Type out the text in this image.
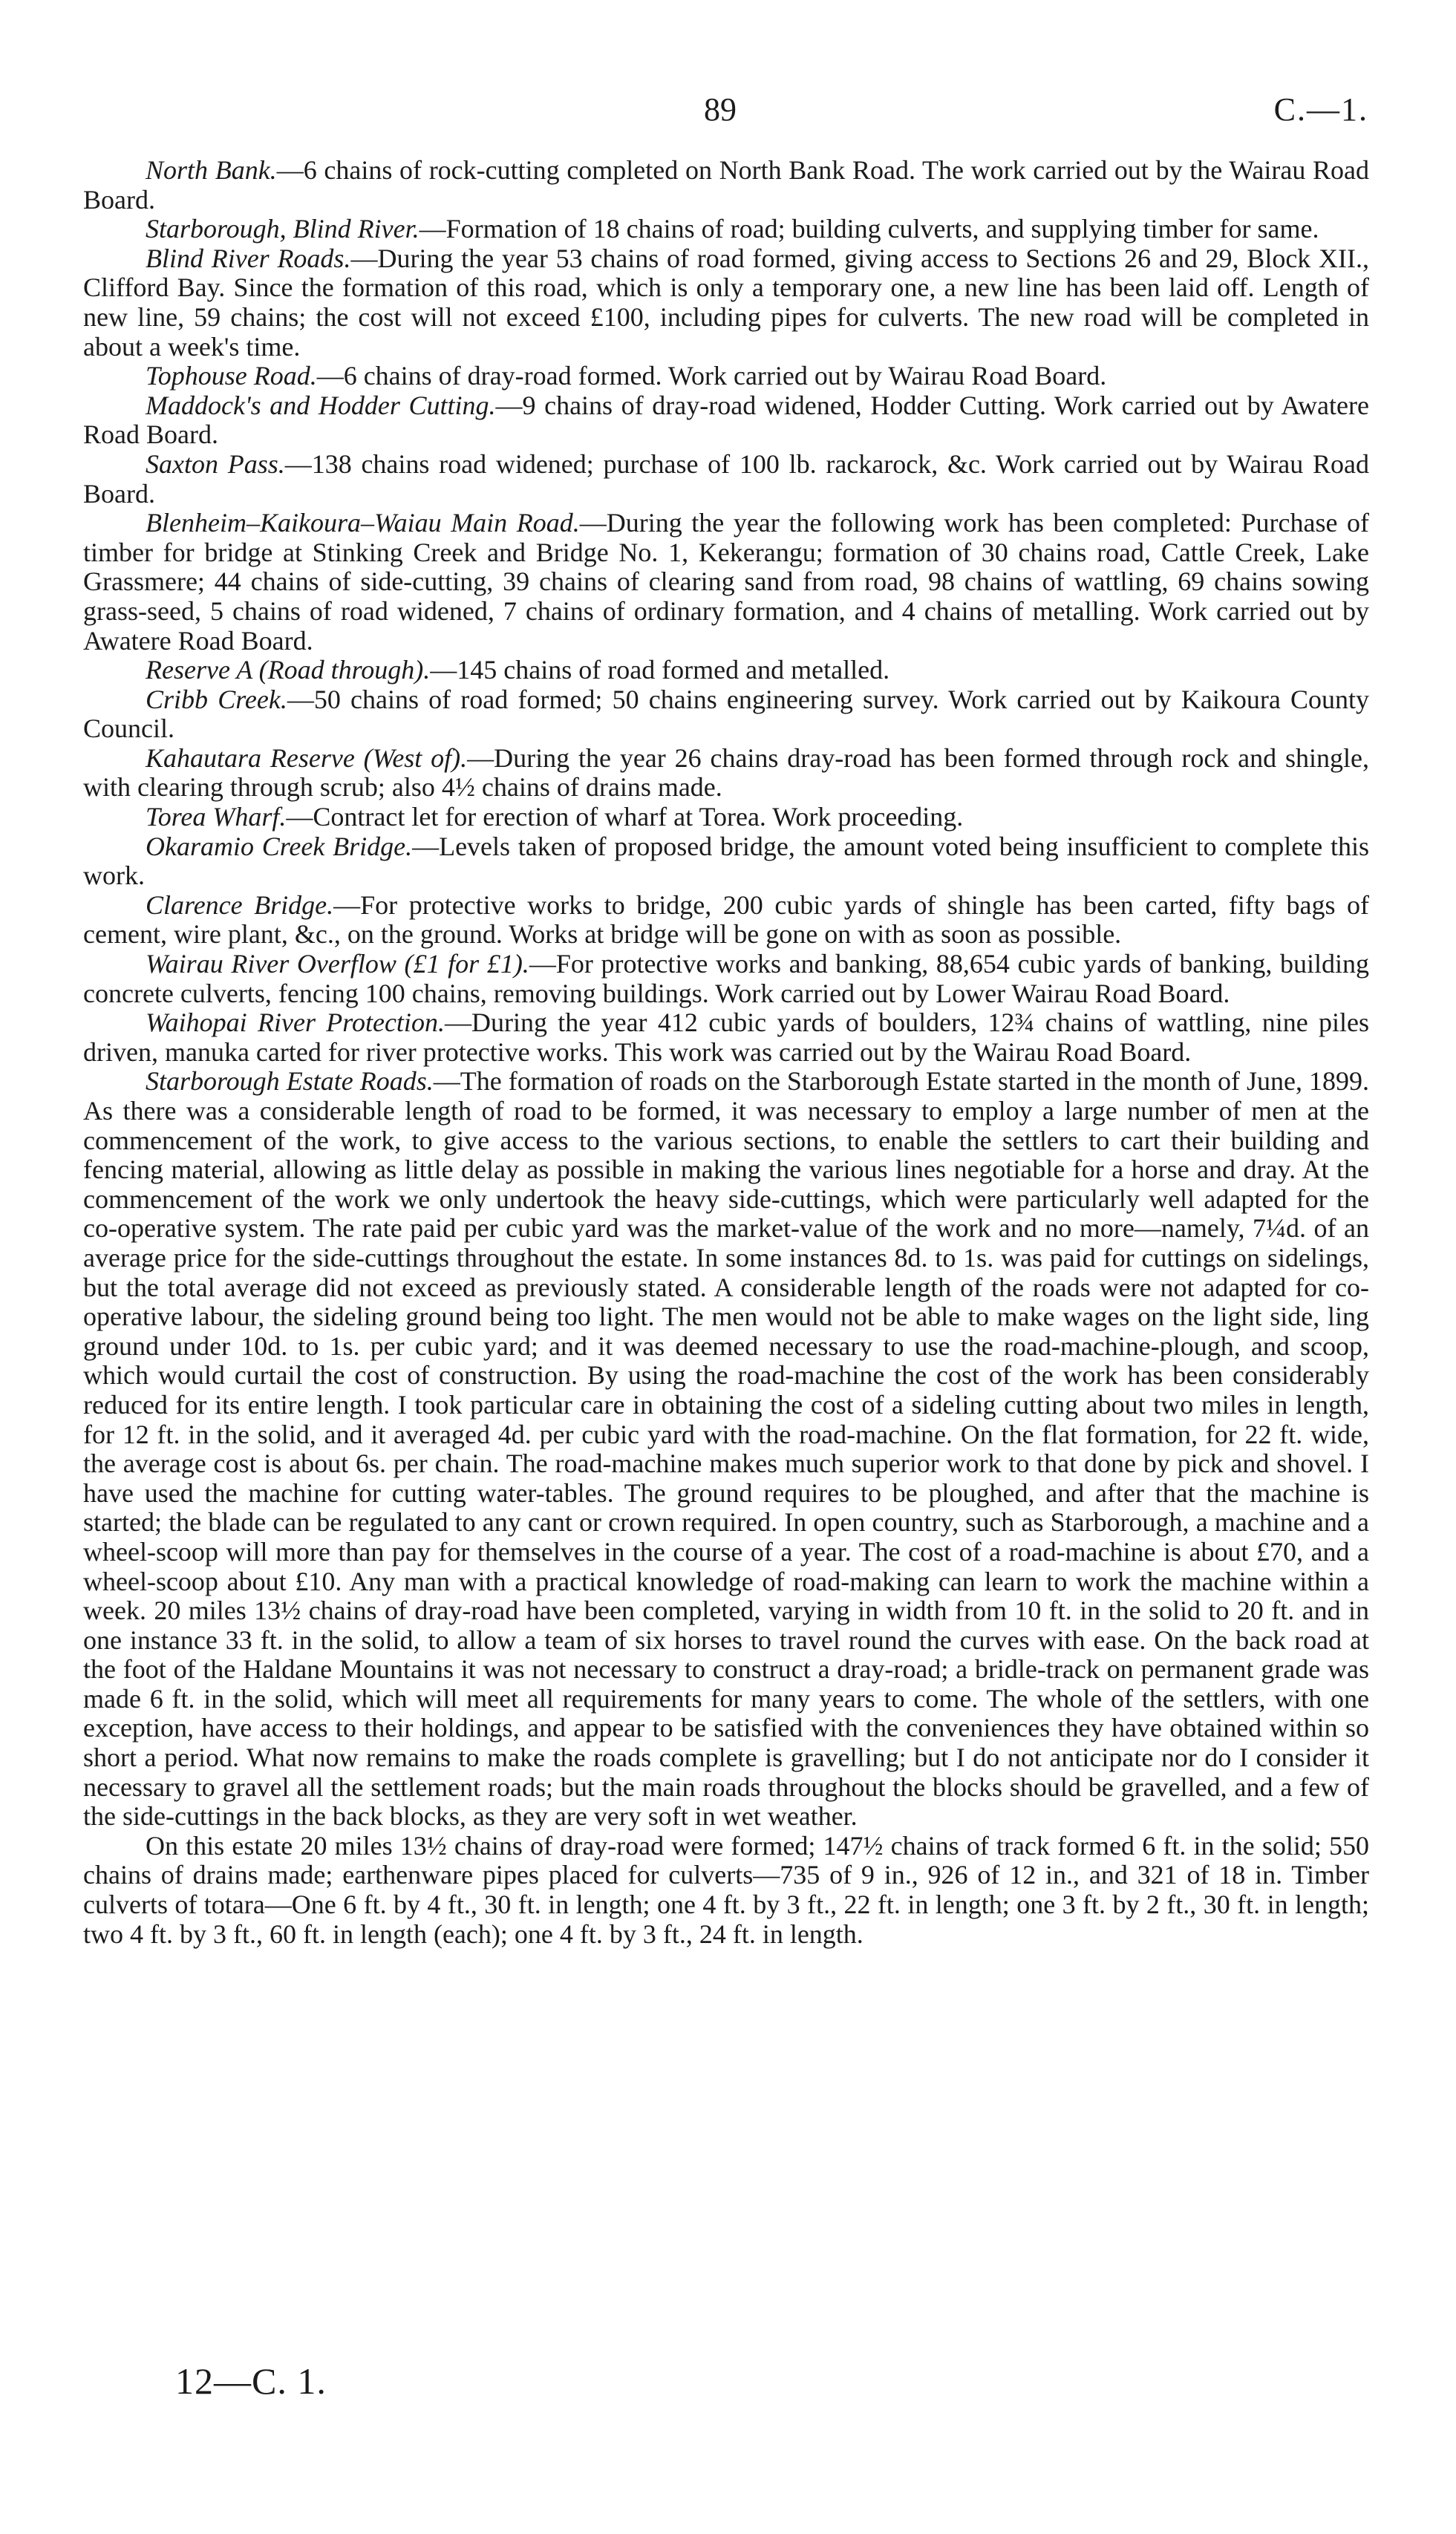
89	C.—1.

North Bank.—6 chains of rock-cutting completed on North Bank Road. The work carried out by the Wairau Road Board.

Starborough, Blind River.—Formation of 18 chains of road; building culverts, and supplying timber for same.

Blind River Roads.—During the year 53 chains of road formed, giving access to Sections 26 and 29, Block XII., Clifford Bay. Since the formation of this road, which is only a temporary one, a new line has been laid off. Length of new line, 59 chains; the cost will not exceed £100, including pipes for culverts. The new road will be completed in about a week's time.

Tophouse Road.—6 chains of dray-road formed. Work carried out by Wairau Road Board.

Maddock's and Hodder Cutting.—9 chains of dray-road widened, Hodder Cutting. Work carried out by Awatere Road Board.

Saxton Pass.—138 chains road widened; purchase of 100 lb. rackarock, &c. Work carried out by Wairau Road Board.

Blenheim–Kaikoura–Waiau Main Road.—During the year the following work has been completed: Purchase of timber for bridge at Stinking Creek and Bridge No. 1, Kekerangu; formation of 30 chains road, Cattle Creek, Lake Grassmere; 44 chains of side-cutting, 39 chains of clearing sand from road, 98 chains of wattling, 69 chains sowing grass-seed, 5 chains of road widened, 7 chains of ordinary formation, and 4 chains of metalling. Work carried out by Awatere Road Board.

Reserve A (Road through).—145 chains of road formed and metalled.

Cribb Creek.—50 chains of road formed; 50 chains engineering survey. Work carried out by Kaikoura County Council.

Kahautara Reserve (West of).—During the year 26 chains dray-road has been formed through rock and shingle, with clearing through scrub; also 4½ chains of drains made.

Torea Wharf.—Contract let for erection of wharf at Torea. Work proceeding.

Okaramio Creek Bridge.—Levels taken of proposed bridge, the amount voted being insufficient to complete this work.

Clarence Bridge.—For protective works to bridge, 200 cubic yards of shingle has been carted, fifty bags of cement, wire plant, &c., on the ground. Works at bridge will be gone on with as soon as possible.

Wairau River Overflow (£1 for £1).—For protective works and banking, 88,654 cubic yards of banking, building concrete culverts, fencing 100 chains, removing buildings. Work carried out by Lower Wairau Road Board.

Waihopai River Protection.—During the year 412 cubic yards of boulders, 12¾ chains of wattling, nine piles driven, manuka carted for river protective works. This work was carried out by the Wairau Road Board.

Starborough Estate Roads.—The formation of roads on the Starborough Estate started in the month of June, 1899. As there was a considerable length of road to be formed, it was necessary to employ a large number of men at the commencement of the work, to give access to the various sections, to enable the settlers to cart their building and fencing material, allowing as little delay as possible in making the various lines negotiable for a horse and dray. At the commencement of the work we only undertook the heavy side-cuttings, which were particularly well adapted for the co-operative system. The rate paid per cubic yard was the market-value of the work and no more—namely, 7¼d. of an average price for the side-cuttings throughout the estate. In some instances 8d. to 1s. was paid for cuttings on sidelings, but the total average did not exceed as previously stated. A considerable length of the roads were not adapted for co-operative labour, the sideling ground being too light. The men would not be able to make wages on the light side, ling ground under 10d. to 1s. per cubic yard; and it was deemed necessary to use the road-machine-plough, and scoop, which would curtail the cost of construction. By using the road-machine the cost of the work has been considerably reduced for its entire length. I took particular care in obtaining the cost of a sideling cutting about two miles in length, for 12 ft. in the solid, and it averaged 4d. per cubic yard with the road-machine. On the flat formation, for 22 ft. wide, the average cost is about 6s. per chain. The road-machine makes much superior work to that done by pick and shovel. I have used the machine for cutting water-tables. The ground requires to be ploughed, and after that the machine is started; the blade can be regulated to any cant or crown required. In open country, such as Starborough, a machine and a wheel-scoop will more than pay for themselves in the course of a year. The cost of a road-machine is about £70, and a wheel-scoop about £10. Any man with a practical knowledge of road-making can learn to work the machine within a week. 20 miles 13½ chains of dray-road have been completed, varying in width from 10 ft. in the solid to 20 ft. and in one instance 33 ft. in the solid, to allow a team of six horses to travel round the curves with ease. On the back road at the foot of the Haldane Mountains it was not necessary to construct a dray-road; a bridle-track on permanent grade was made 6 ft. in the solid, which will meet all requirements for many years to come. The whole of the settlers, with one exception, have access to their holdings, and appear to be satisfied with the conveniences they have obtained within so short a period. What now remains to make the roads complete is gravelling; but I do not anticipate nor do I consider it necessary to gravel all the settlement roads; but the main roads throughout the blocks should be gravelled, and a few of the side-cuttings in the back blocks, as they are very soft in wet weather.

On this estate 20 miles 13½ chains of dray-road were formed; 147½ chains of track formed 6 ft. in the solid; 550 chains of drains made; earthenware pipes placed for culverts—735 of 9 in., 926 of 12 in., and 321 of 18 in. Timber culverts of totara—One 6 ft. by 4 ft., 30 ft. in length; one 4 ft. by 3 ft., 22 ft. in length; one 3 ft. by 2 ft., 30 ft. in length; two 4 ft. by 3 ft., 60 ft. in length (each); one 4 ft. by 3 ft., 24 ft. in length.

12—C. 1.
